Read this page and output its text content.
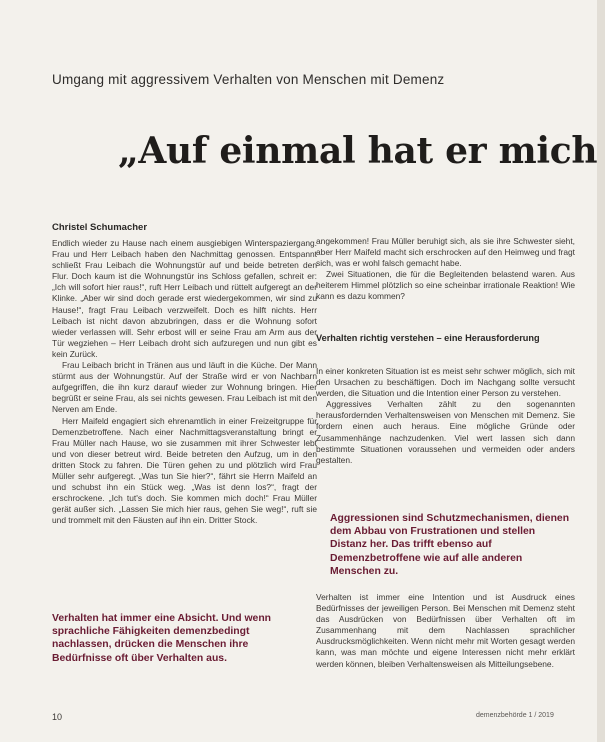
Umgang mit aggressivem Verhalten von Menschen mit Demenz
„Auf einmal hat er mich
Christel Schumacher

Endlich wieder zu Hause nach einem ausgiebigen Winterspaziergang. Frau und Herr Leibach haben den Nachmittag genossen. Entspannt schließt Frau Leibach die Wohnungstür auf und beide betreten den Flur. Doch kaum ist die Wohnungstür ins Schloss gefallen, schreit er: „Ich will sofort hier raus!“, ruft Herr Leibach und rüttelt aufgeregt an der Klinke. „Aber wir sind doch gerade erst wiedergekommen, wir sind zu Hause!“, fragt Frau Leibach verzweifelt. Doch es hilft nichts. Herr Leibach ist nicht davon abzubringen, dass er die Wohnung sofort wieder verlassen will. Sehr erbost will er seine Frau am Arm aus der Tür wegziehen – Herr Leibach droht sich aufzuregen und nun gibt es kein Zurück.

Frau Leibach bricht in Tränen aus und läuft in die Küche. Der Mann stürmt aus der Wohnungstür. Auf der Straße wird er von Nachbarn aufgegriffen, die ihn kurz darauf wieder zur Wohnung bringen. Hier begrüßt er seine Frau, als sei nichts gewesen. Frau Leibach ist mit den Nerven am Ende.

Herr Maifeld engagiert sich ehrenamtlich in einer Freizeitgruppe für Demenzbetroffene. Nach einer Nachmittagsveranstaltung bringt er Frau Müller nach Hause, wo sie zusammen mit ihrer Schwester lebt und von dieser betreut wird. Beide betreten den Aufzug, um in den dritten Stock zu fahren. Die Türen gehen zu und plötzlich wird Frau Müller sehr aufgeregt. „Was tun Sie hier?“, fährt sie Herrn Maifeld an und schubst ihn ein Stück weg. „Was ist denn los?“, fragt der erschrockene. „Ich tut's doch. Sie kommen mich doch!“ Frau Müller gerät außer sich. „Lassen Sie mich hier raus, gehen Sie weg!“, ruft sie und trommelt mit den Fäusten auf ihn ein. Dritter Stock.

Verhalten hat immer eine Absicht. Und wenn sprachliche Fähigkeiten demenzbedingt nachlassen, drücken die Menschen ihre Bedürfnisse oft über Verhalten aus.

angekommen! Frau Müller beruhigt sich, als sie ihre Schwester sieht, aber Herr Maifeld macht sich erschrocken auf den Heimweg und fragt sich, was er wohl falsch gemacht habe.

Zwei Situationen, die für die Begleitenden belastend waren. Aus heiterem Himmel plötzlich so eine scheinbar irrationale Reaktion! Wie kann es dazu kommen?

Verhalten richtig verstehen – eine Herausforderung

In einer konkreten Situation ist es meist sehr schwer möglich, sich mit den Ursachen zu beschäftigen. Doch im Nachgang sollte versucht werden, die Situation und die Intention einer Person zu verstehen.

Aggressives Verhalten zählt zu den sogenannten herausfordernden Verhaltensweisen von Menschen mit Demenz. Sie fordern einen auch heraus. Eine mögliche Gründe oder Zusammenhänge nachzudenken. Viel wert lassen sich dann bestimmte Situationen voraussehen und vermeiden oder anders gestalten.

Aggressionen sind Schutzmechanismen, dienen dem Abbau von Frustrationen und stellen Distanz her. Das trifft ebenso auf Demenzbetroffene wie auf alle anderen Menschen zu.

Verhalten ist immer eine Intention und ist Ausdruck eines Bedürfnisses der jeweiligen Person. Bei Menschen mit Demenz steht das Ausdrücken von Bedürfnissen über Verhalten oft im Zusammenhang mit dem Nachlassen sprachlicher Ausdrucksmöglichkeiten. Wenn nicht mehr mit Worten gesagt werden kann, was man möchte und eigene Interessen nicht mehr erklärt werden können, bleiben Verhaltensweisen als Mitteilungsebene.

10	demenzbehörde 1 / 2019
